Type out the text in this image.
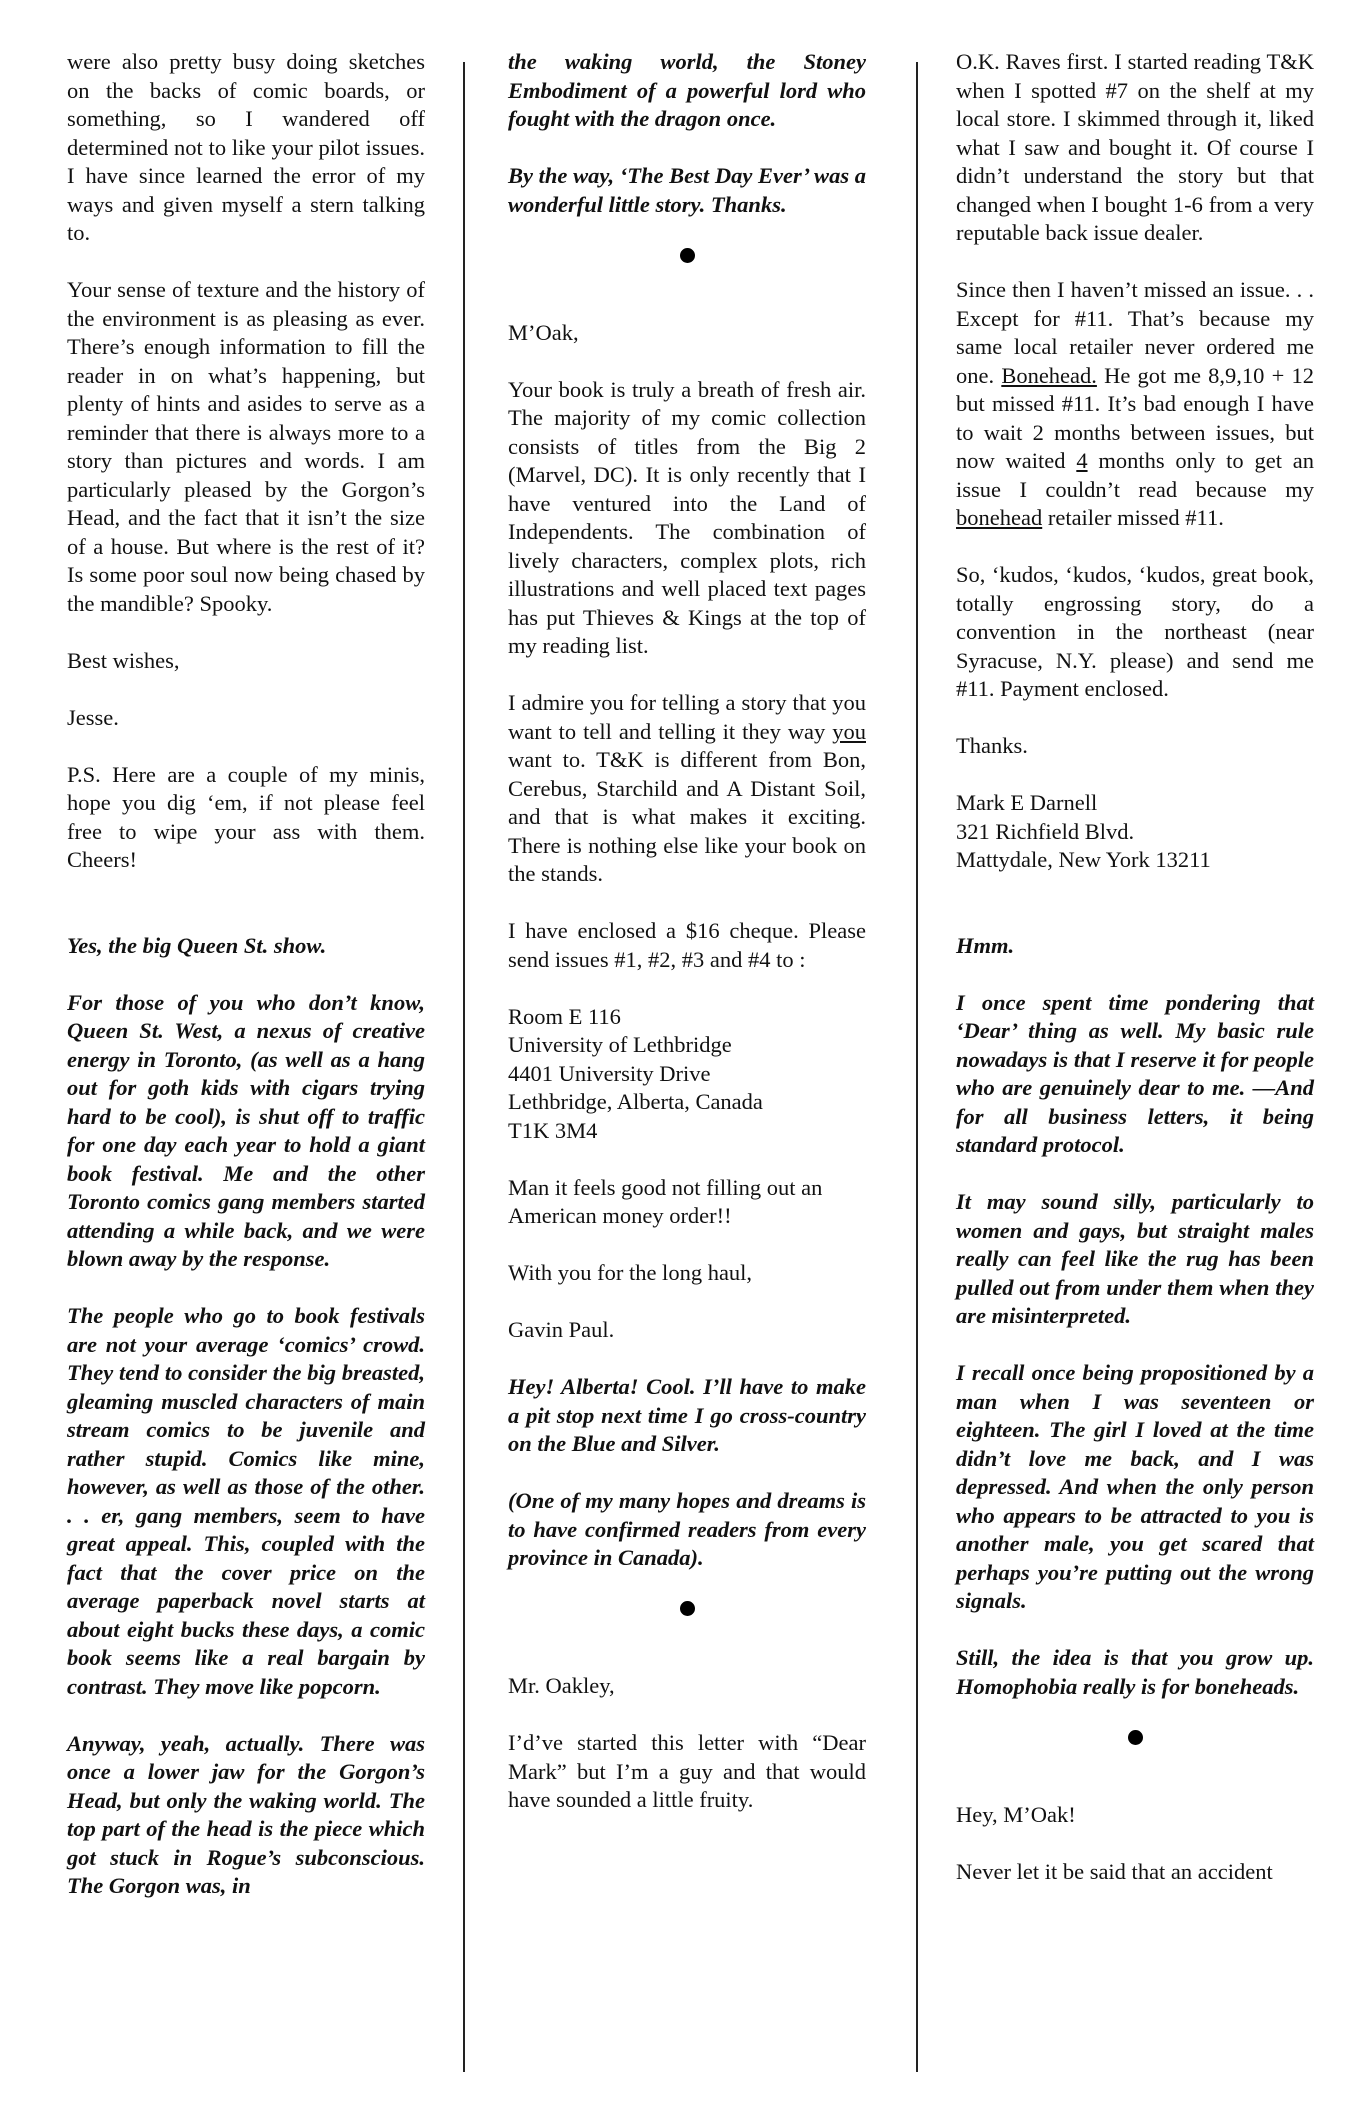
were also pretty busy doing sketches on the backs of comic boards, or something, so I wandered off determined not to like your pilot issues. I have since learned the error of my ways and given myself a stern talking to.

Your sense of texture and the history of the environment is as pleasing as ever. There’s enough information to fill the reader in on what’s happening, but plenty of hints and asides to serve as a reminder that there is always more to a story than pictures and words. I am particularly pleased by the Gorgon’s Head, and the fact that it isn’t the size of a house. But where is the rest of it? Is some poor soul now being chased by the mandible? Spooky.

Best wishes,

Jesse.

P.S. Here are a couple of my minis, hope you dig ‘em, if not please feel free to wipe your ass with them. Cheers!

Yes, the big Queen St. show.

For those of you who don’t know, Queen St. West, a nexus of creative energy in Toronto, (as well as a hang out for goth kids with cigars trying hard to be cool), is shut off to traffic for one day each year to hold a giant book festival. Me and the other Toronto comics gang members started attending a while back, and we were blown away by the response.

The people who go to book festivals are not your average ‘comics’ crowd. They tend to consider the big breasted, gleaming muscled characters of main stream comics to be juvenile and rather stupid. Comics like mine, however, as well as those of the other. . . er, gang members, seem to have great appeal. This, coupled with the fact that the cover price on the average paperback novel starts at about eight bucks these days, a comic book seems like a real bargain by contrast. They move like popcorn.

Anyway, yeah, actually. There was once a lower jaw for the Gorgon’s Head, but only the waking world. The top part of the head is the piece which got stuck in Rogue’s subconscious. The Gorgon was, in

the waking world, the Stoney Embodiment of a powerful lord who fought with the dragon once.

By the way, ‘The Best Day Ever’ was a wonderful little story. Thanks.

M’Oak,

Your book is truly a breath of fresh air. The majority of my comic collection consists of titles from the Big 2 (Marvel, DC). It is only recently that I have ventured into the Land of Independents. The combination of lively characters, complex plots, rich illustrations and well placed text pages has put Thieves & Kings at the top of my reading list.

I admire you for telling a story that you want to tell and telling it they way you want to. T&K is different from Bon, Cerebus, Starchild and A Distant Soil, and that is what makes it exciting. There is nothing else like your book on the stands.

I have enclosed a $16 cheque. Please send issues #1, #2, #3 and #4 to :

Room E 116
University of Lethbridge
4401 University Drive
Lethbridge, Alberta, Canada
T1K 3M4

Man it feels good not filling out an American money order!!

With you for the long haul,

Gavin Paul.

Hey! Alberta! Cool. I’ll have to make a pit stop next time I go cross-country on the Blue and Silver.

(One of my many hopes and dreams is to have confirmed readers from every province in Canada).

Mr. Oakley,

I’d’ve started this letter with “Dear Mark” but I’m a guy and that would have sounded a little fruity.

O.K. Raves first. I started reading T&K when I spotted #7 on the shelf at my local store. I skimmed through it, liked what I saw and bought it. Of course I didn’t understand the story but that changed when I bought 1-6 from a very reputable back issue dealer.

Since then I haven’t missed an issue. . . Except for #11. That’s because my same local retailer never ordered me one. Bonehead. He got me 8,9,10 + 12 but missed #11. It’s bad enough I have to wait 2 months between issues, but now waited 4 months only to get an issue I couldn’t read because my bonehead retailer missed #11.

So, ‘kudos, ‘kudos, ‘kudos, great book, totally engrossing story, do a convention in the northeast (near Syracuse, N.Y. please) and send me #11. Payment enclosed.

Thanks.

Mark E Darnell
321 Richfield Blvd.
Mattydale, New York 13211

Hmm.

I once spent time pondering that ‘Dear’ thing as well. My basic rule nowadays is that I reserve it for people who are genuinely dear to me. —And for all business letters, it being standard protocol.

It may sound silly, particularly to women and gays, but straight males really can feel like the rug has been pulled out from under them when they are misinterpreted.

I recall once being propositioned by a man when I was seventeen or eighteen. The girl I loved at the time didn’t love me back, and I was depressed. And when the only person who appears to be attracted to you is another male, you get scared that perhaps you’re putting out the wrong signals.

Still, the idea is that you grow up. Homophobia really is for boneheads.

Hey, M’Oak!

Never let it be said that an accident
